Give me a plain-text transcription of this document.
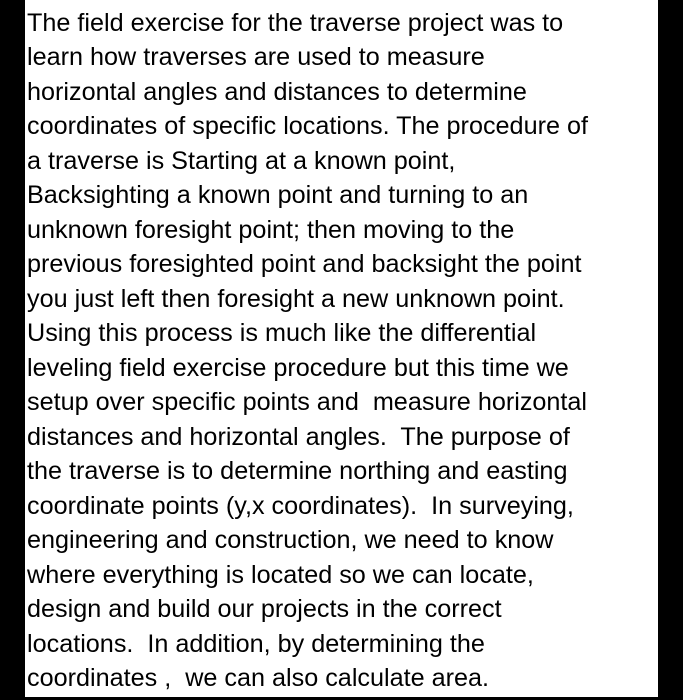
The field exercise for the traverse project was to
learn how traverses are used to measure
horizontal angles and distances to determine
coordinates of specific locations. The procedure of
a traverse is Starting at a known point,
Backsighting a known point and turning to an
unknown foresight point; then moving to the
previous foresighted point and backsight the point
you just left then foresight a new unknown point.
Using this process is much like the differential
leveling field exercise procedure but this time we
setup over specific points and  measure horizontal
distances and horizontal angles.  The purpose of
the traverse is to determine northing and easting
coordinate points (y,x coordinates).  In surveying,
engineering and construction, we need to know
where everything is located so we can locate,
design and build our projects in the correct
locations.  In addition, by determining the
coordinates ,  we can also calculate area.
